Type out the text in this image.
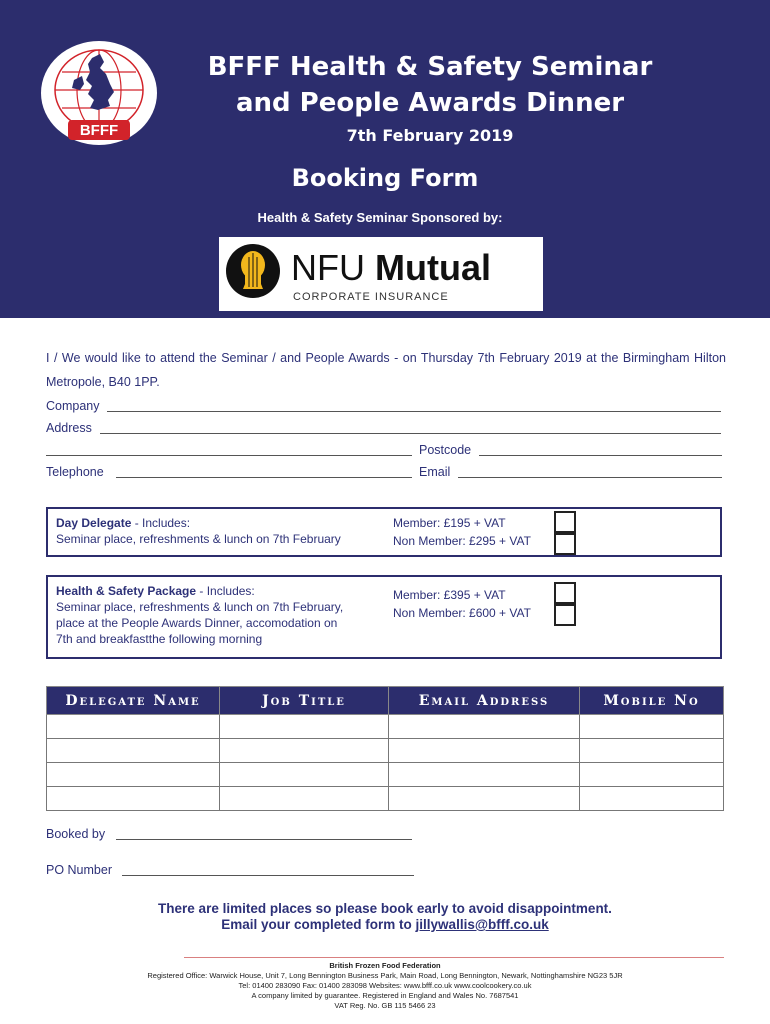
BFFF
BFFF Health & Safety Seminar
and People Awards Dinner
7th February 2019
Booking Form
Health & Safety Seminar Sponsored by:
NFU Mutual
CORPORATE INSURANCE
I / We would like to attend the Seminar / and People Awards - on Thursday 7th February 2019 at the Birmingham Hilton Metropole, B40 1PP.
Company
Address
Postcode
Telephone	Email
Day Delegate - Includes:
Seminar place, refreshments & lunch on 7th February
Member: £195 + VAT
Non Member: £295 + VAT
Health & Safety Package - Includes:
Seminar place, refreshments & lunch on 7th February,
place at the People Awards Dinner, accomodation on
7th and breakfastthe following morning
Member: £395 + VAT
Non Member: £600 + VAT
Delegate Name	Job Title	Email Address	Mobile No

Booked by
PO Number
There are limited places so please book early to avoid disappointment.
Email your completed form to jillywallis@bfff.co.uk
British Frozen Food Federation
Registered Office: Warwick House, Unit 7, Long Bennington Business Park, Main Road, Long Bennington, Newark, Nottinghamshire NG23 5JR
Tel: 01400 283090 Fax: 01400 283098 Websites: www.bfff.co.uk www.coolcookery.co.uk
A company limited by guarantee. Registered in England and Wales No. 7687541
VAT Reg. No. GB 115 5466 23
